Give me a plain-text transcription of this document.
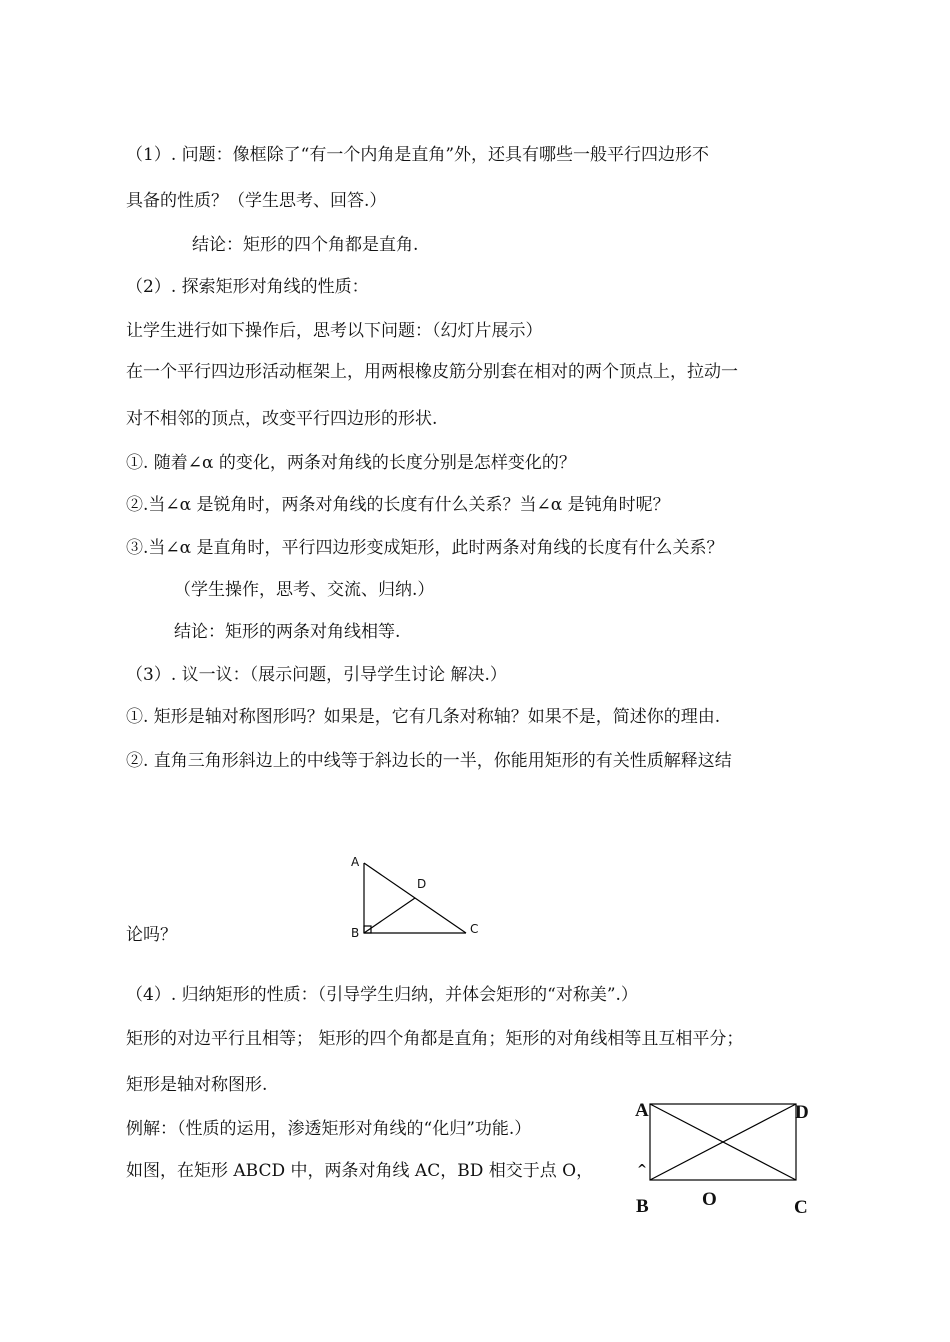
（1）. 问题：像框除了“有一个内角是直角”外，还具有哪些一般平行四边形不
具备的性质？（学生思考、回答.）
结论：矩形的四个角都是直角.
（2）. 探索矩形对角线的性质：
让学生进行如下操作后，思考以下问题：（幻灯片展示）
在一个平行四边形活动框架上，用两根橡皮筋分别套在相对的两个顶点上，拉动一
对不相邻的顶点，改变平行四边形的形状.
①. 随着∠α 的变化，两条对角线的长度分别是怎样变化的？
②.当∠α 是锐角时，两条对角线的长度有什么关系？当∠α 是钝角时呢？
③.当∠α 是直角时，平行四边形变成矩形，此时两条对角线的长度有什么关系？
（学生操作，思考、交流、归纳.）
结论：矩形的两条对角线相等.
（3）. 议一议：（展示问题，引导学生讨论 解决.）
①. 矩形是轴对称图形吗？如果是，它有几条对称轴？如果不是，简述你的理由.
②. 直角三角形斜边上的中线等于斜边长的一半，你能用矩形的有关性质解释这结
论吗？
（4）. 归纳矩形的性质：（引导学生归纳，并体会矩形的“对称美”.）
矩形的对边平行且相等； 矩形的四个角都是直角；矩形的对角线相等且互相平分；
矩形是轴对称图形.
例解：（性质的运用，渗透矩形对角线的“化归”功能.）
如图，在矩形 ABCD 中，两条对角线 AC，BD 相交于点 O，
A
B	C
D
A	D
B	O	C
^
